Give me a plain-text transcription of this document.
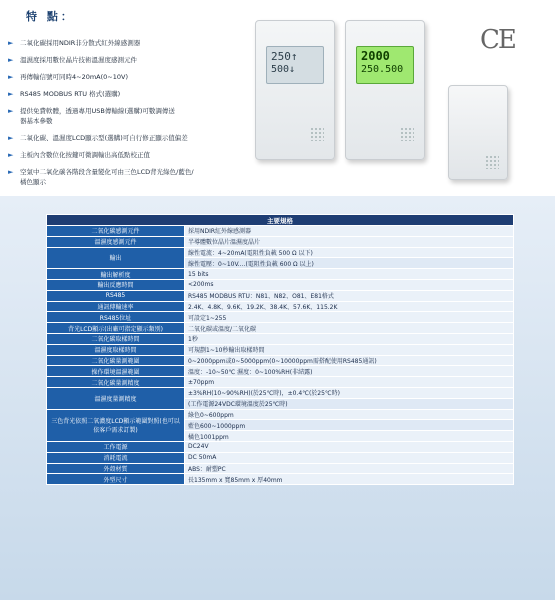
特 點：
►	二氧化碳採用NDIR非分散式紅外線感測器
►	溫濕度採用數位晶片技術溫濕度感測元件
►	再傳輸信號可同時4~20mA(0~10V)
►	RS485 MODBUS RTU 格式(選購)
►	提供免費軟體，透過專用USB傳輸線(選購)可數調傳送器基本參數
►	二氧化碳、溫濕度LCD顯示型(選購)可自行修正顯示值偏差
►	主板內含數位化按鍵可微調輸出高低點校正值
►	空氣中二氧化碳各階段含量變化可由三色LCD背光綠色/藍色/橘色顯示
250↑
500↓
2000
250.500
CE
主要規格	
二氧化碳感測元件	採用NDIR紅外線感測器
溫濕度感測元件	半導體數位晶片溫濕度晶片
輸出	線性電流：4~20mA(電阻性負載 500 Ω 以下)
	線性電壓：0~10V....(電阻性負載 600 Ω 以上)
輸出解析度	15 bits
輸出反應時間	<200ms
RS485	RS485 MODBUS RTU：N81、N82、O81、E81格式
通訊傳輸速率	2.4K、4.8K、9.6K、19.2K、38.4K、57.6K、115.2K
RS485位址	可設定1~255
背光LCD顯示(出廠可指定顯示類別)	二氧化碳或溫度/二氧化碳
二氧化碳取樣時間	1秒
溫濕度取樣時間	可規劃1~10秒輸出取樣時間
二氧化碳量測範圍	0~2000ppm或0~5000ppm(0~10000ppm需搭配使用RS485通訊)
操作環境溫濕範圍	溫度：-10~50℃ 濕度：0~100%RH(非結露)
二氧化碳量測精度	±70ppm
溫濕度量測精度	±3%RH(10~90%RH)(於25℃時)，±0.4℃(於25℃時)
	(工作電源24VDC環境溫度於25℃時)
三色背光依照二氧濃度LCD顯示範圍對照(也可以依客戶需求訂製)	綠色0~600ppm
	藍色600~1000ppm
	橘色1001ppm
工作電源	DC24V
消耗電流	DC 50mA
外殼材質	ABS：耐塑PC
外型尺寸	長135mm x 寬85mm x 厚40mm
